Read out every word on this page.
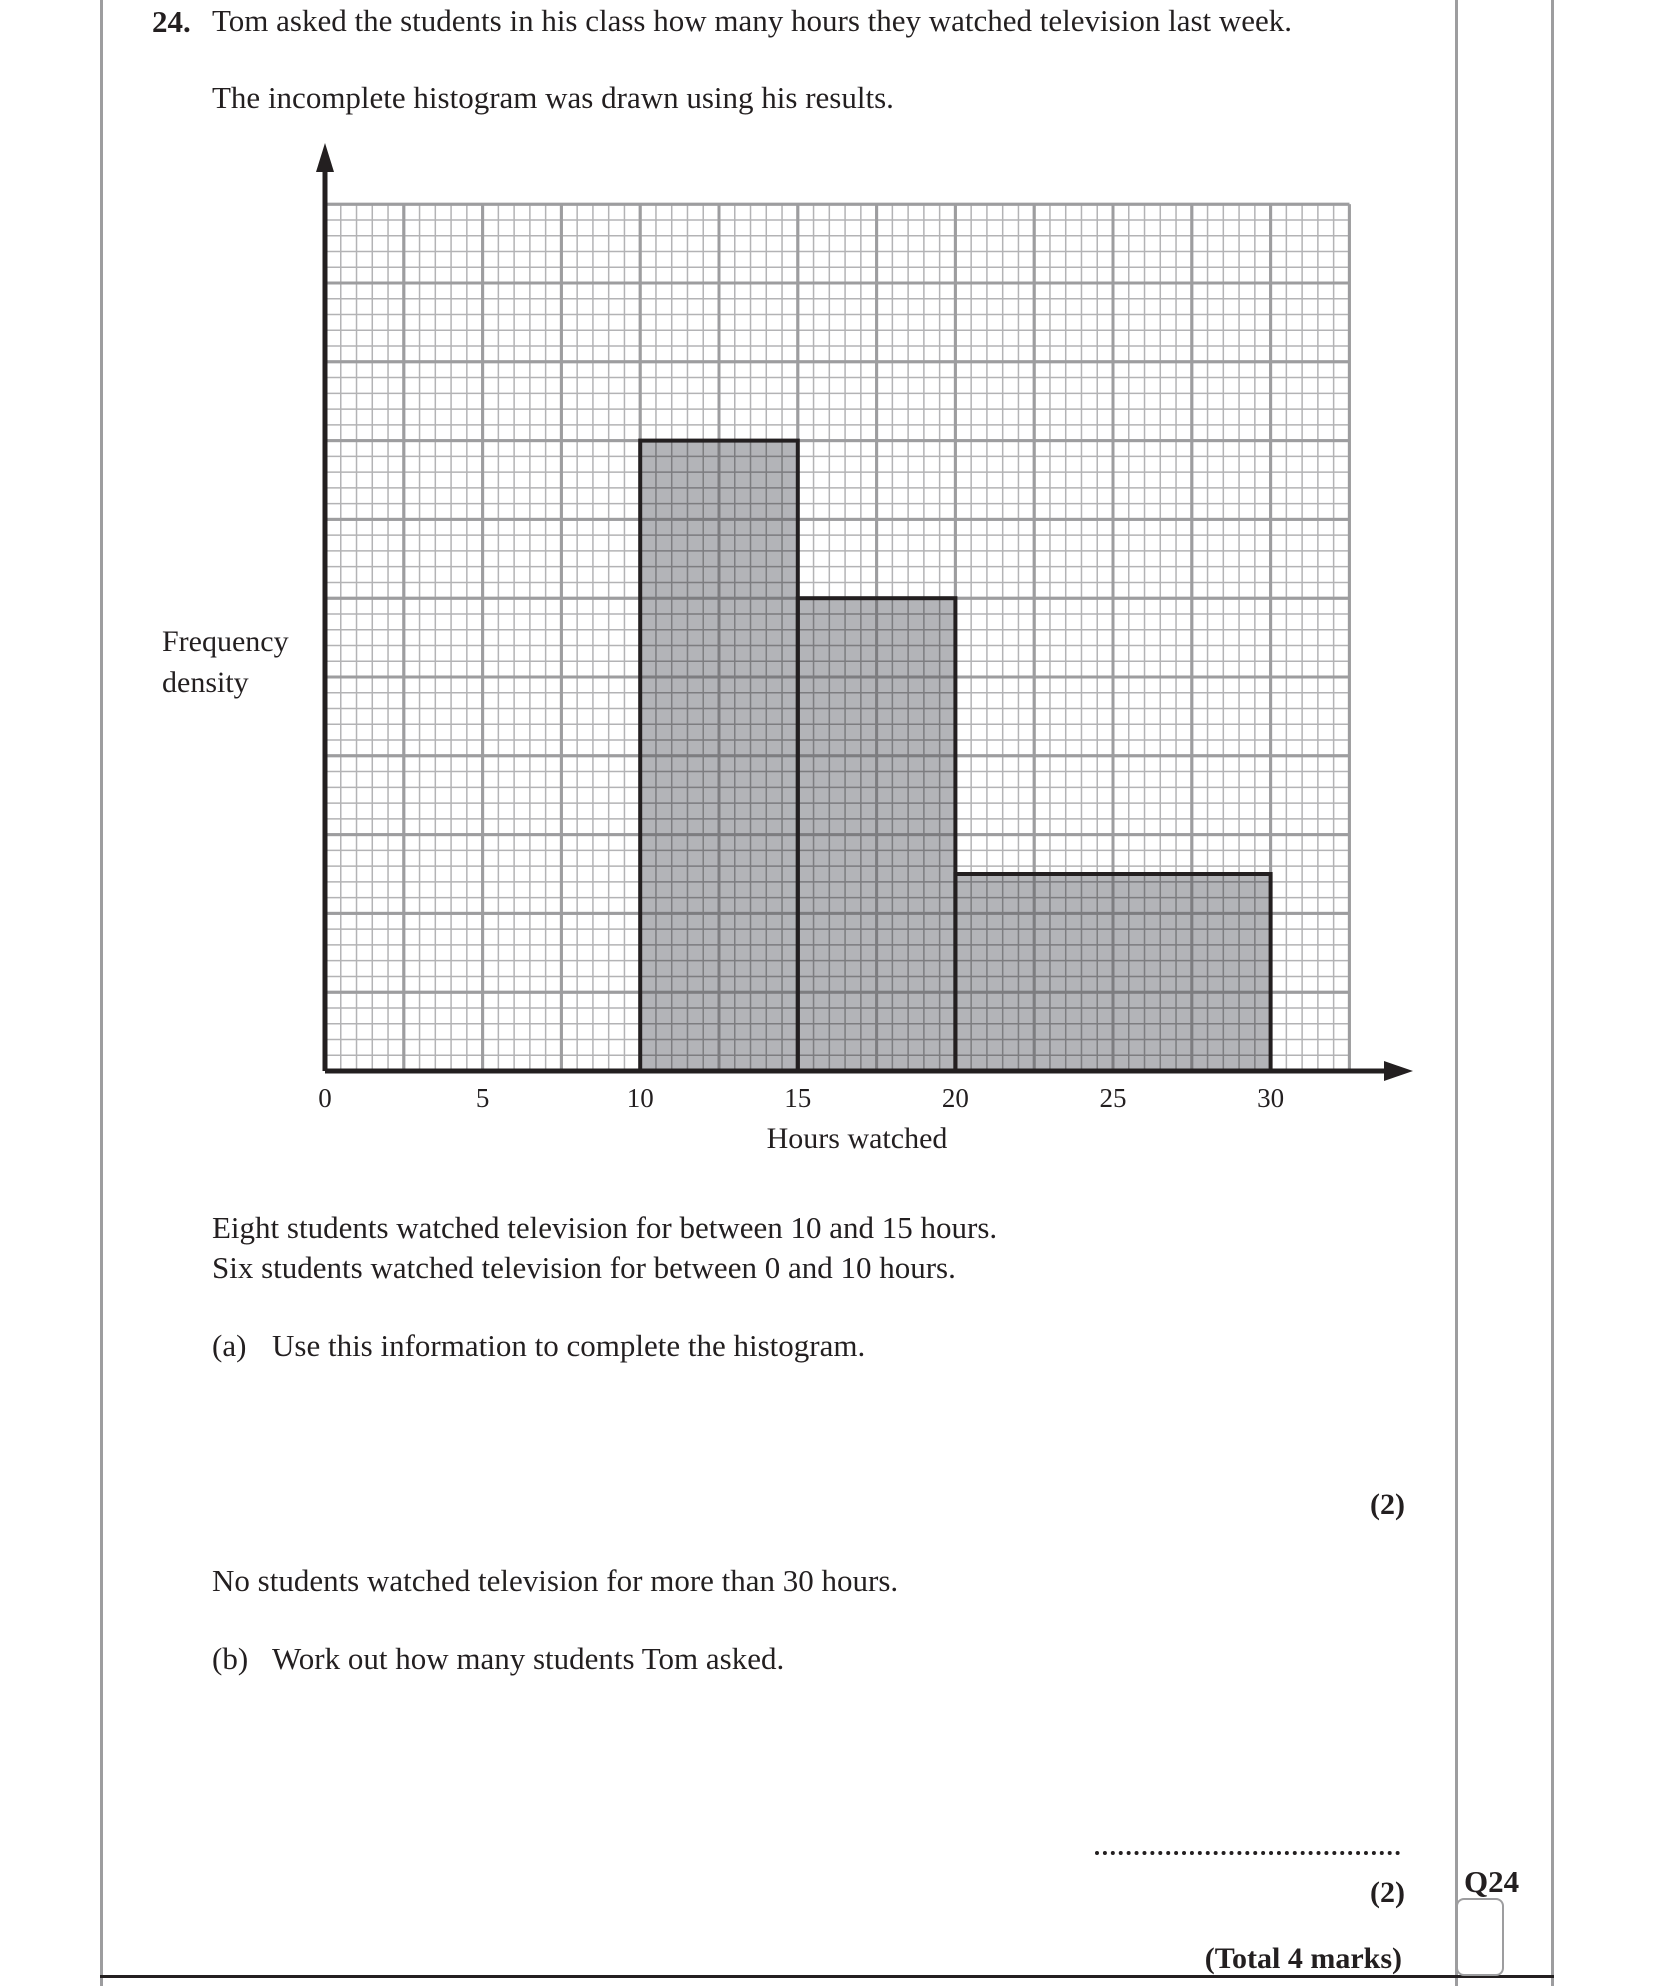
24. Tom asked the students in his class how many hours they watched television last week.
The incomplete histogram was drawn using his results.
Frequency density
0	5	10	15	20	25	30
Hours watched
Eight students watched television for between 10 and 15 hours.
Six students watched television for between 0 and 10 hours.
(a) Use this information to complete the histogram.
(2)
No students watched television for more than 30 hours.
(b) Work out how many students Tom asked.
(2)
(Total 4 marks)
Q24
